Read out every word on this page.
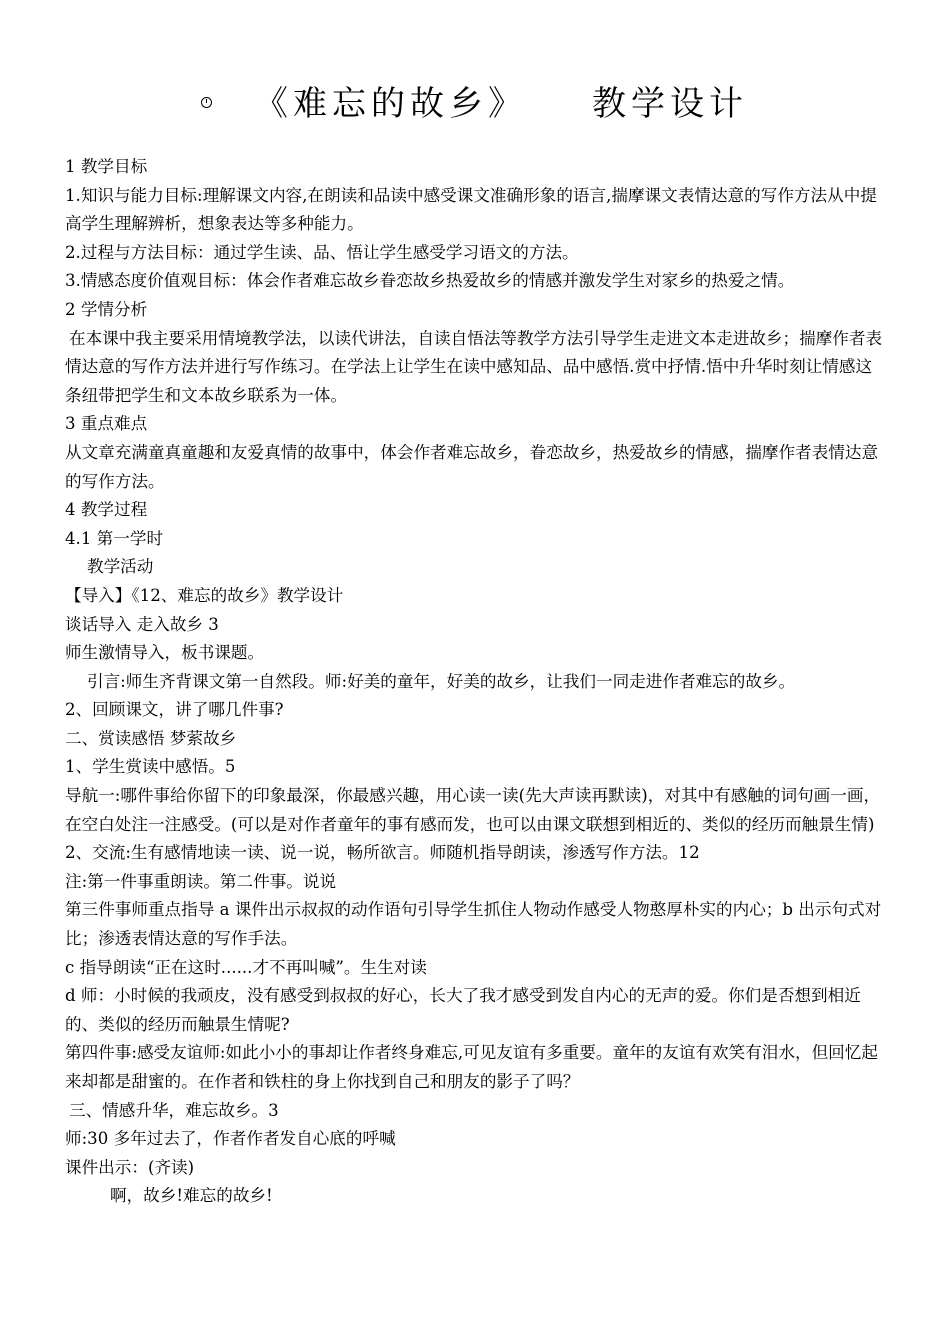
《难忘的故乡》 教学设计

1 教学目标

1.知识与能力目标:理解课文内容,在朗读和品读中感受课文准确形象的语言,揣摩课文表情达意的写作方法从中提高学生理解辨析，想象表达等多种能力。

2.过程与方法目标：通过学生读、品、悟让学生感受学习语文的方法。

3.情感态度价值观目标：体会作者难忘故乡眷恋故乡热爱故乡的情感并激发学生对家乡的热爱之情。

2 学情分析

在本课中我主要采用情境教学法，以读代讲法，自读自悟法等教学方法引导学生走进文本走进故乡；揣摩作者表情达意的写作方法并进行写作练习。在学法上让学生在读中感知品、品中感悟.赏中抒情.悟中升华时刻让情感这条纽带把学生和文本故乡联系为一体。

3 重点难点

从文章充满童真童趣和友爱真情的故事中，体会作者难忘故乡，眷恋故乡，热爱故乡的情感，揣摩作者表情达意的写作方法。

4 教学过程

4.1 第一学时

教学活动

【导入】《12、难忘的故乡》教学设计

谈话导入 走入故乡 3

师生激情导入，板书课题。

引言:师生齐背课文第一自然段。师:好美的童年，好美的故乡，让我们一同走进作者难忘的故乡。

2、回顾课文，讲了哪几件事?

二、赏读感悟 梦萦故乡

1、学生赏读中感悟。5

导航一:哪件事给你留下的印象最深，你最感兴趣，用心读一读(先大声读再默读)，对其中有感触的词句画一画，在空白处注一注感受。(可以是对作者童年的事有感而发，也可以由课文联想到相近的、类似的经历而触景生情)

2、交流:生有感情地读一读、说一说，畅所欲言。师随机指导朗读，渗透写作方法。12

注:第一件事重朗读。第二件事。说说

第三件事师重点指导 a 课件出示叔叔的动作语句引导学生抓住人物动作感受人物憨厚朴实的内心；b 出示句式对比；渗透表情达意的写作手法。

c 指导朗读“正在这时......才不再叫喊”。生生对读

d 师：小时候的我顽皮，没有感受到叔叔的好心，长大了我才感受到发自内心的无声的爱。你们是否想到相近的、类似的经历而触景生情呢?

第四件事:感受友谊师:如此小小的事却让作者终身难忘,可见友谊有多重要。童年的友谊有欢笑有泪水，但回忆起来却都是甜蜜的。在作者和铁柱的身上你找到自己和朋友的影子了吗？

三、情感升华，难忘故乡。3

师:30 多年过去了，作者作者发自心底的呼喊

课件出示：(齐读)

啊，故乡!难忘的故乡!
